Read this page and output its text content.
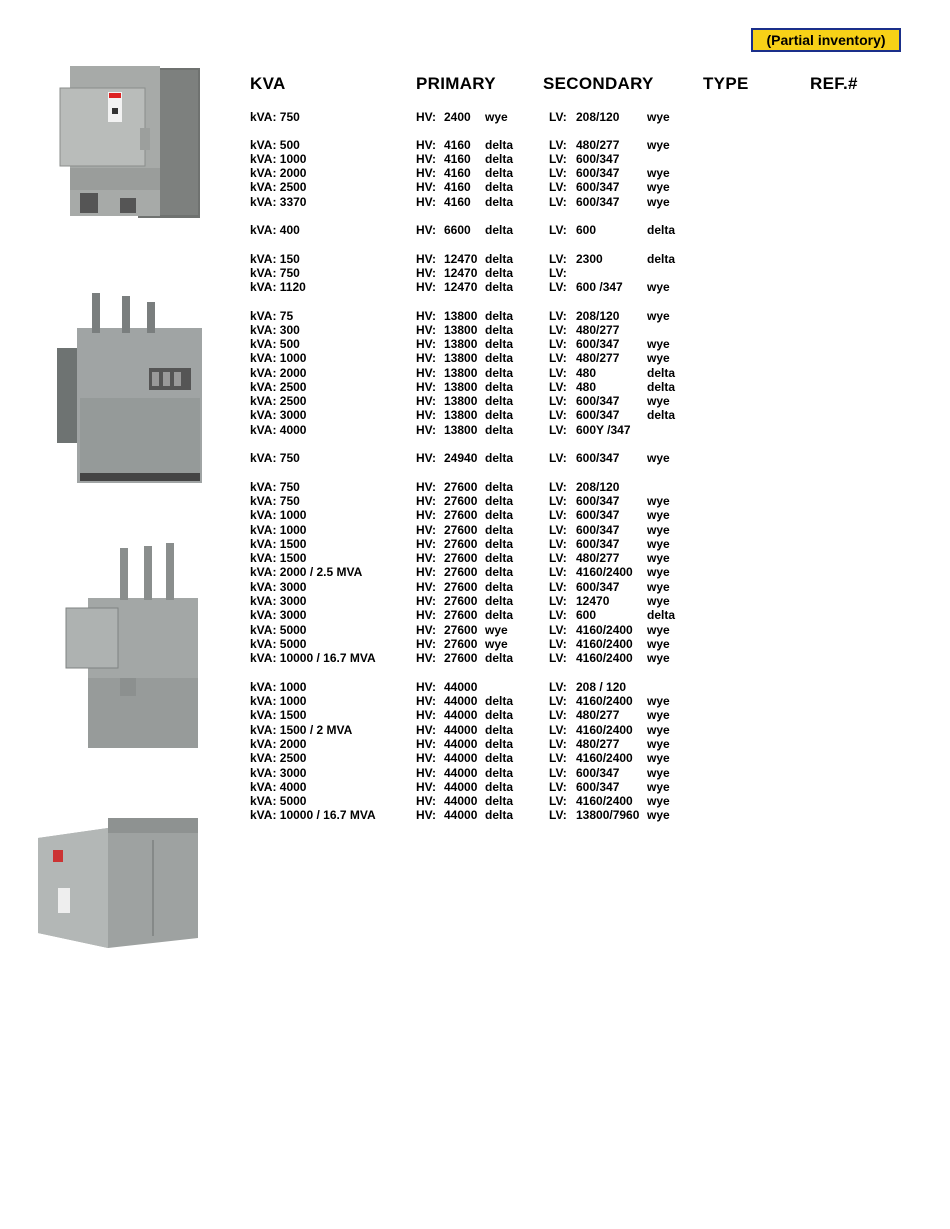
(Partial inventory)
KVA	PRIMARY	SECONDARY	TYPE	REF.#
kVA: 750	HV: 2400 wye	LV: 208/120 wye
kVA: 500	HV: 4160 delta	LV: 480/277 wye
kVA: 1000	HV: 4160 delta	LV: 600/347
kVA: 2000	HV: 4160 delta	LV: 600/347 wye
kVA: 2500	HV: 4160 delta	LV: 600/347 wye
kVA: 3370	HV: 4160 delta	LV: 600/347 wye
kVA: 400	HV: 6600 delta	LV: 600	delta
kVA: 150	HV: 12470 delta	LV: 2300	delta
kVA: 750	HV: 12470 delta	LV:
kVA: 1120	HV: 12470 delta	LV: 600 /347 wye
kVA: 75	HV: 13800 delta	LV: 208/120 wye
kVA: 300	HV: 13800 delta	LV: 480/277
kVA: 500	HV: 13800 delta	LV: 600/347 wye
kVA: 1000	HV: 13800 delta	LV: 480/277 wye
kVA: 2000	HV: 13800 delta	LV: 480	delta
kVA: 2500	HV: 13800 delta	LV: 480	delta
kVA: 2500	HV: 13800 delta	LV: 600/347 wye
kVA: 3000	HV: 13800 delta	LV: 600/347 delta
kVA: 4000	HV: 13800 delta	LV: 600Y /347
kVA: 750	HV: 24940 delta	LV: 600/347 wye
kVA: 750	HV: 27600 delta	LV: 208/120
kVA: 750	HV: 27600 delta	LV: 600/347 wye
kVA: 1000	HV: 27600 delta	LV: 600/347 wye
kVA: 1000	HV: 27600 delta	LV: 600/347 wye
kVA: 1500	HV: 27600 delta	LV: 600/347 wye
kVA: 1500	HV: 27600 delta	LV: 480/277 wye
kVA: 2000 / 2.5 MVA	HV: 27600 delta	LV: 4160/2400 wye
kVA: 3000	HV: 27600 delta	LV: 600/347 wye
kVA: 3000	HV: 27600 delta	LV: 12470	wye
kVA: 3000	HV: 27600 delta	LV: 600	delta
kVA: 5000	HV: 27600 wye	LV: 4160/2400 wye
kVA: 5000	HV: 27600 wye	LV: 4160/2400 wye
kVA: 10000 / 16.7 MVA	HV: 27600 delta	LV: 4160/2400 wye
kVA: 1000	HV: 44000	LV: 208 / 120
kVA: 1000	HV: 44000 delta	LV: 4160/2400 wye
kVA: 1500	HV: 44000 delta	LV: 480/277 wye
kVA: 1500 / 2 MVA	HV: 44000 delta	LV: 4160/2400 wye
kVA: 2000	HV: 44000 delta	LV: 480/277 wye
kVA: 2500	HV: 44000 delta	LV: 4160/2400 wye
kVA: 3000	HV: 44000 delta	LV: 600/347 wye
kVA: 4000	HV: 44000 delta	LV: 600/347 wye
kVA: 5000	HV: 44000 delta	LV: 4160/2400 wye
kVA: 10000 / 16.7 MVA	HV: 44000 delta	LV: 13800/7960 wye
